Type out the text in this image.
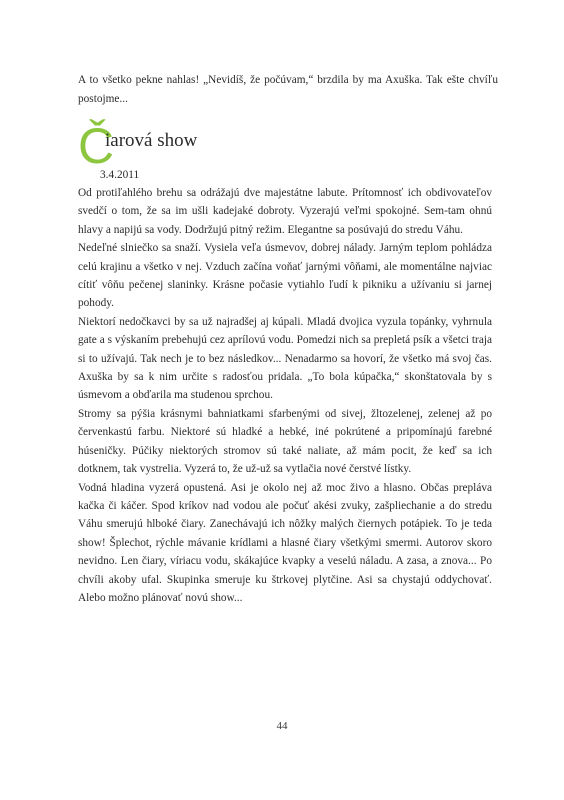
A to všetko pekne nahlas! „Nevidíš, že počúvam,“ brzdila by ma Axuška. Tak ešte chvíľu postojme...

Č
iarová show

3.4.2011

Od protiľahlého brehu sa odrážajú dve majestátne labute. Prítomnosť ich obdivovateľov svedčí o tom, že sa im ušli kadejaké dobroty. Vyzerajú veľmi spokojné. Sem-tam ohnú hlavy a napijú sa vody. Dodržujú pitný režim. Elegantne sa posúvajú do stredu Váhu.

Nedeľné slniečko sa snaží. Vysiela veľa úsmevov, dobrej nálady. Jarným teplom pohládza celú krajinu a všetko v nej. Vzduch začína voňať jarnými vôňami, ale momentálne najviac cítiť vôňu pečenej slaninky. Krásne počasie vytiahlo ľudí k pikniku a užívaniu si jarnej pohody.

Niektorí nedočkavci by sa už najradšej aj kúpali. Mladá dvojica vyzula topánky, vyhrnula gate a s výskaním prebehujú cez aprílovú vodu. Pomedzi nich sa prepletá psík a všetci traja si to užívajú. Tak nech je to bez následkov... Nenadarmo sa hovorí, že všetko má svoj čas. Axuška by sa k nim určite s radosťou pridala. „To bola kúpačka,“ skonštatovala by s úsmevom a obďarila ma studenou sprchou.

Stromy sa pýšia krásnymi bahniatkami sfarbenými od sivej, žltozelenej, zelenej až po červenkastú farbu. Niektoré sú hladké a hebké, iné pokrútené a pripomínajú farebné húseničky. Púčiky niektorých stromov sú také naliate, až mám pocit, že keď sa ich dotknem, tak vystrelia. Vyzerá to, že už-už sa vytlačia nové čerstvé lístky.

Vodná hladina vyzerá opustená. Asi je okolo nej až moc živo a hlasno. Občas prepláva kačka či káčer. Spod kríkov nad vodou ale počuť akési zvuky, zašpliechanie a do stredu Váhu smerujú hlboké čiary. Zanechávajú ich nôžky malých čiernych potápiek. To je teda show! Šplechot, rýchle mávanie krídlami a hlasné čiary všetkými smermi. Autorov skoro nevidno. Len čiary, víriacu vodu, skákajúce kvapky a veselú náladu. A zasa, a znova... Po chvíli akoby ufal. Skupinka smeruje ku štrkovej plytčine. Asi sa chystajú oddychovať. Alebo možno plánovať novú show...

44
